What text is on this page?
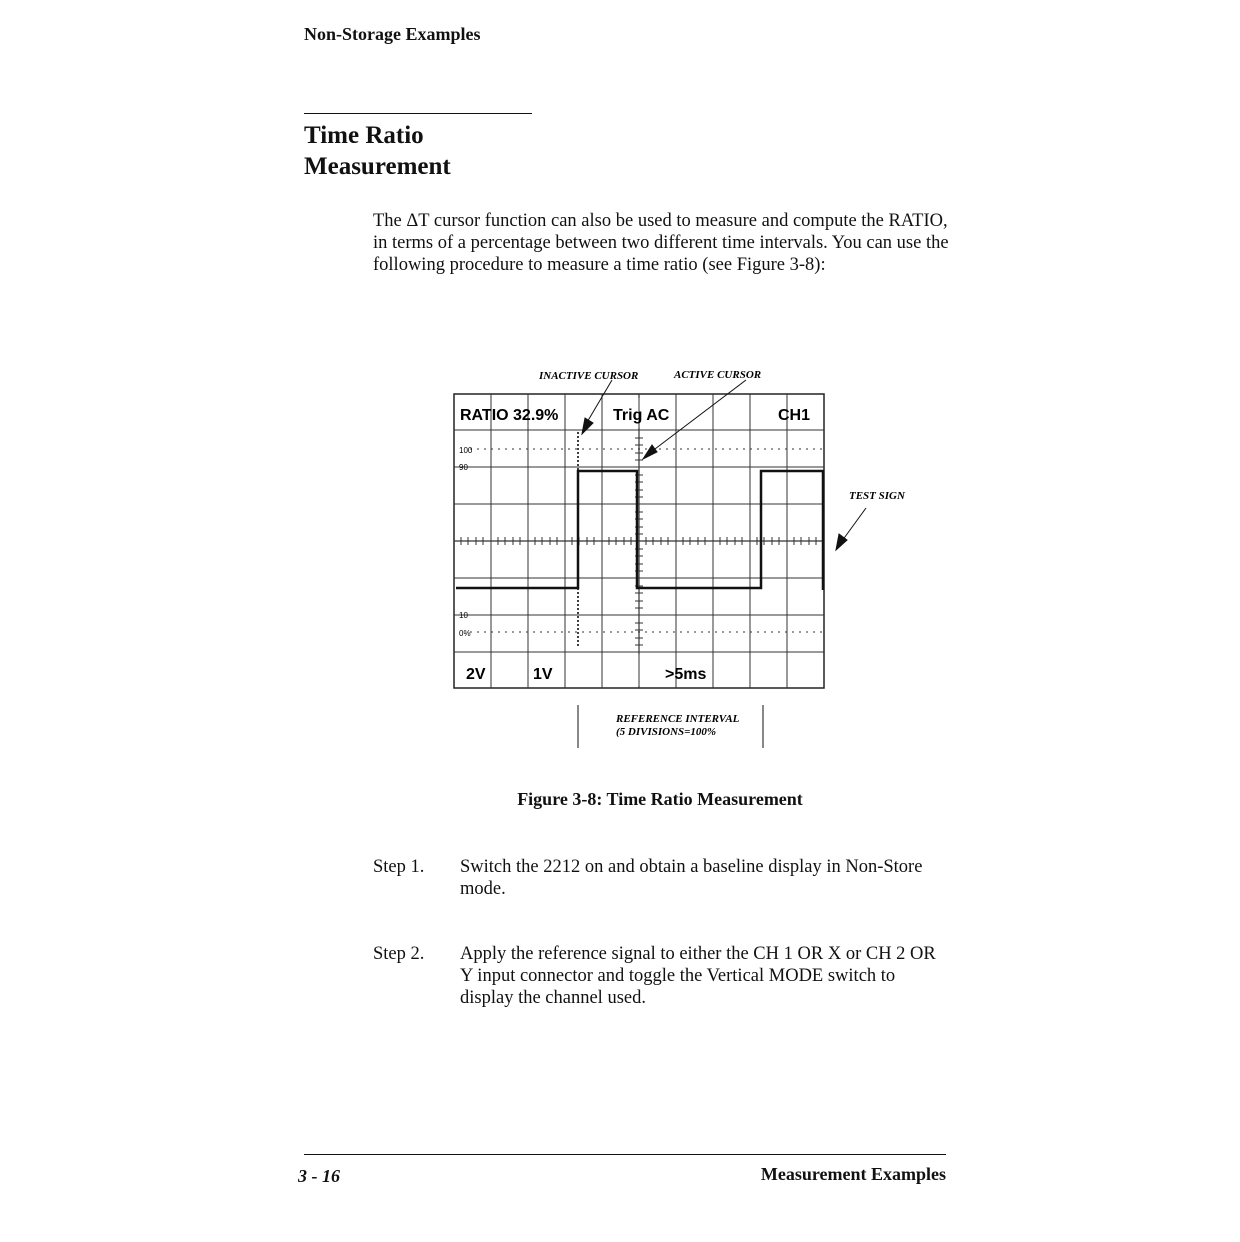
Non-Storage Examples
Time Ratio
Measurement
The ΔT cursor function can also be used to measure and compute the RATIO, in terms of a percentage between two different time intervals. You can use the following procedure to measure a time ratio (see Figure 3-8):
INACTIVE CURSOR	ACTIVE CURSOR
TEST SIGN
RATIO 32.9%	Trig AC	CH1
100
90
10
0%
2V	1V	>5ms
REFERENCE INTERVAL
(5 DIVISIONS=100%
Figure 3-8: Time Ratio Measurement
Step 1. Switch the 2212 on and obtain a baseline display in Non-Store mode.
Step 2. Apply the reference signal to either the CH 1 OR X or CH 2 OR Y input connector and toggle the Vertical MODE switch to display the channel used.
3 - 16	Measurement Examples
